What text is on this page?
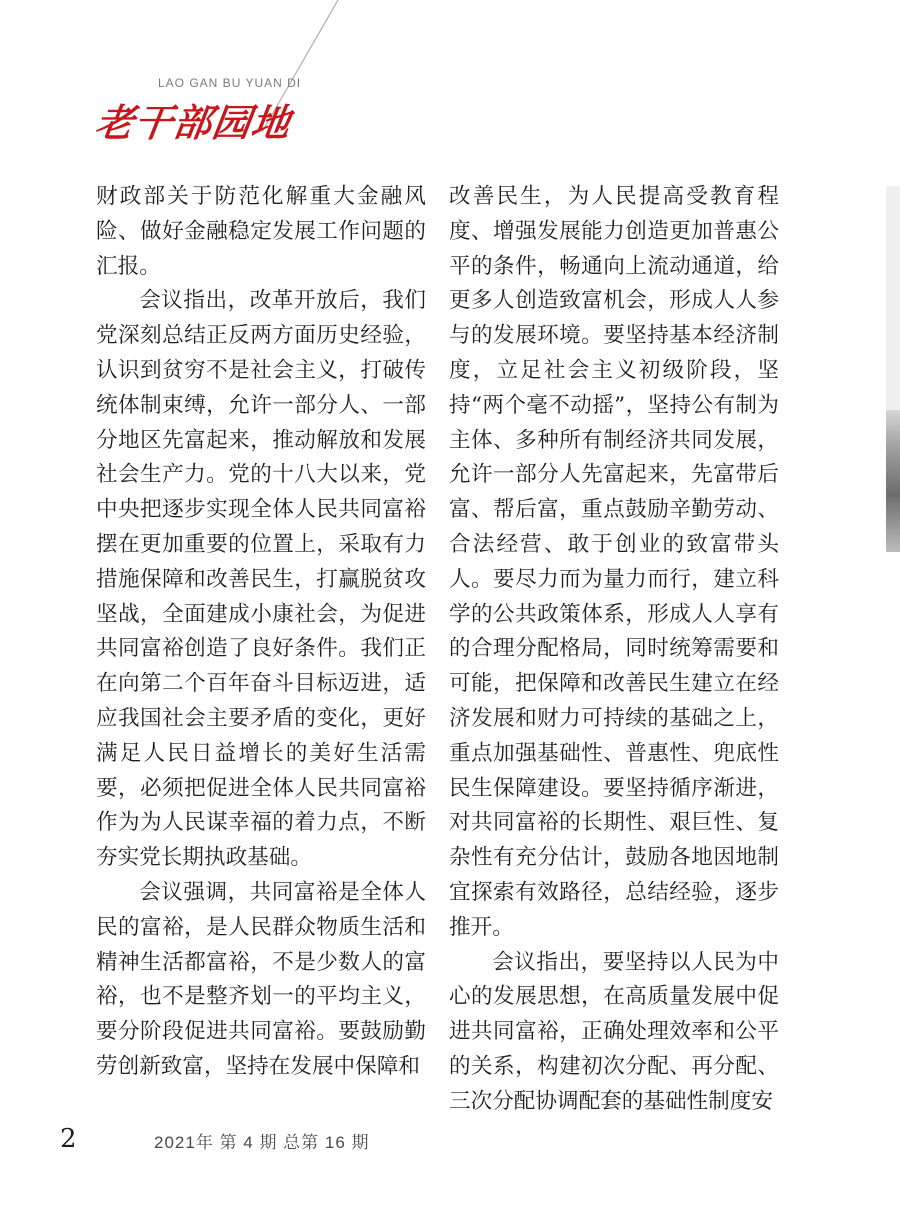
LAO GAN BU YUAN DI
老干部园地

财政部关于防范化解重大金融风险、做好金融稳定发展工作问题的汇报。

会议指出，改革开放后，我们党深刻总结正反两方面历史经验，认识到贫穷不是社会主义，打破传统体制束缚，允许一部分人、一部分地区先富起来，推动解放和发展社会生产力。党的十八大以来，党中央把逐步实现全体人民共同富裕摆在更加重要的位置上，采取有力措施保障和改善民生，打赢脱贫攻坚战，全面建成小康社会，为促进共同富裕创造了良好条件。我们正在向第二个百年奋斗目标迈进，适应我国社会主要矛盾的变化，更好满足人民日益增长的美好生活需要，必须把促进全体人民共同富裕作为为人民谋幸福的着力点，不断夯实党长期执政基础。

会议强调，共同富裕是全体人民的富裕，是人民群众物质生活和精神生活都富裕，不是少数人的富裕，也不是整齐划一的平均主义，要分阶段促进共同富裕。要鼓励勤劳创新致富，坚持在发展中保障和

改善民生，为人民提高受教育程度、增强发展能力创造更加普惠公平的条件，畅通向上流动通道，给更多人创造致富机会，形成人人参与的发展环境。要坚持基本经济制度，立足社会主义初级阶段，坚持“两个毫不动摇”，坚持公有制为主体、多种所有制经济共同发展，允许一部分人先富起来，先富带后富、帮后富，重点鼓励辛勤劳动、合法经营、敢于创业的致富带头人。要尽力而为量力而行，建立科学的公共政策体系，形成人人享有的合理分配格局，同时统筹需要和可能，把保障和改善民生建立在经济发展和财力可持续的基础之上，重点加强基础性、普惠性、兜底性民生保障建设。要坚持循序渐进，对共同富裕的长期性、艰巨性、复杂性有充分估计，鼓励各地因地制宜探索有效路径，总结经验，逐步推开。

会议指出，要坚持以人民为中心的发展思想，在高质量发展中促进共同富裕，正确处理效率和公平的关系，构建初次分配、再分配、三次分配协调配套的基础性制度安

2	2021年 第 4 期 总第 16 期
